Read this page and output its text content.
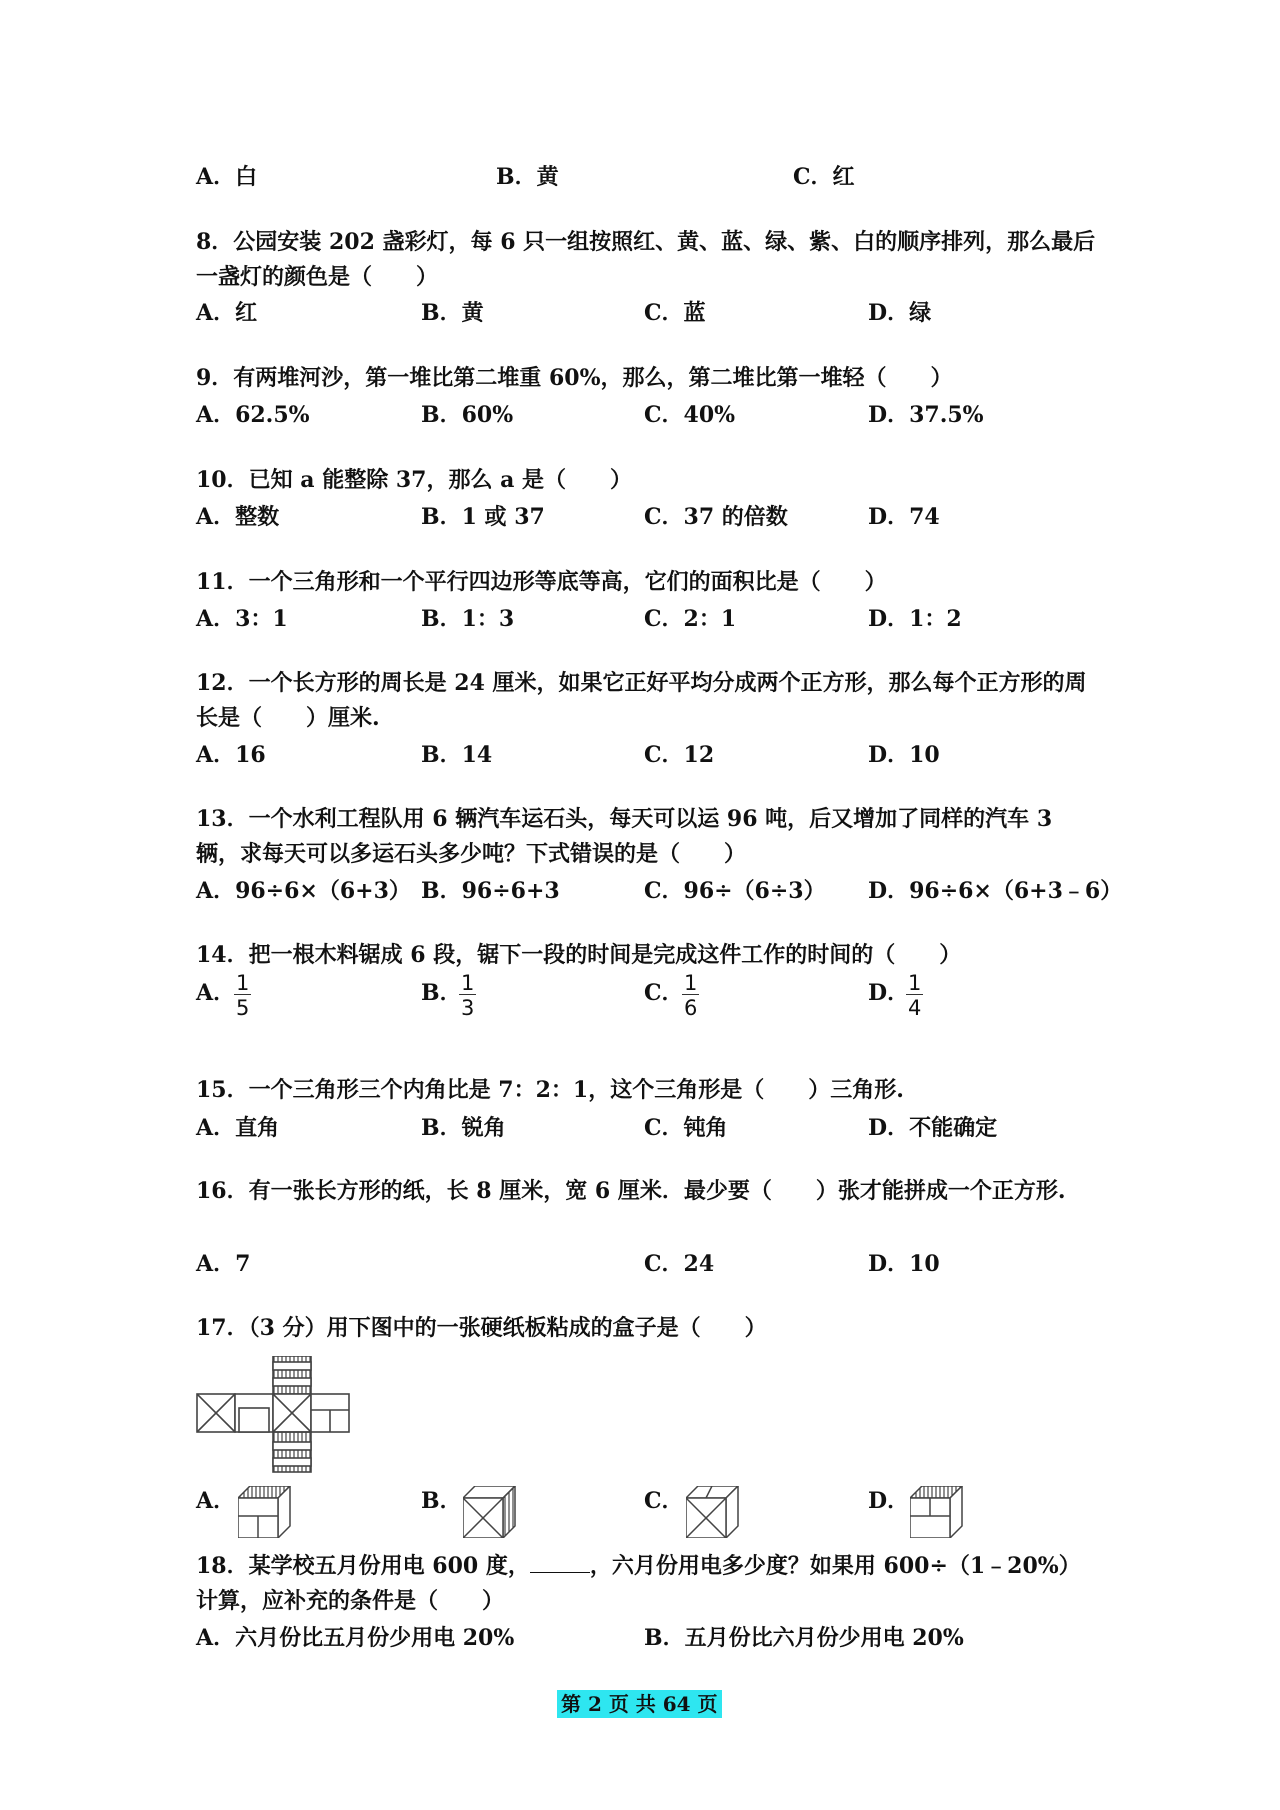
A．白	B．黄	C．红

8．公园安装 202 盏彩灯，每 6 只一组按照红、黄、蓝、绿、紫、白的顺序排列，那么最后一盏灯的颜色是（　　）

A．红	B．黄	C．蓝	D．绿

9．有两堆河沙，第一堆比第二堆重 60%，那么，第二堆比第一堆轻（　　）

A．62.5%	B．60%	C．40%	D．37.5%

10．已知 a 能整除 37，那么 a 是（　　）

A．整数	B．1 或 37	C．37 的倍数	D．74

11．一个三角形和一个平行四边形等底等高，它们的面积比是（　　）

A．3：1	B．1：3	C．2：1	D．1：2

12．一个长方形的周长是 24 厘米，如果它正好平均分成两个正方形，那么每个正方形的周长是（　　）厘米.

A．16	B．14	C．12	D．10

13．一个水利工程队用 6 辆汽车运石头，每天可以运 96 吨，后又增加了同样的汽车 3 辆，求每天可以多运石头多少吨？下式错误的是（　　）

A．96÷6×（6+3） B．96÷6+3	C．96÷（6÷3） D．96÷6×（6+3﹣6）

14．把一根木料锯成 6 段，锯下一段的时间是完成这件工作的时间的（　　）

A．
$\frac{1}{5}$	B．
$\frac{1}{3}$	C．
$\frac{1}{6}$	D．
$\frac{1}{4}$

15．一个三角形三个内角比是 7：2：1，这个三角形是（　　）三角形.

A．直角	B．锐角	C．钝角	D．不能确定

16．有一张长方形的纸，长 8 厘米，宽 6 厘米．最少要（　　）张才能拼成一个正方形.

A．7	C．24	D．10

17．（3 分）用下图中的一张硬纸板粘成的盒子是（　　）

A．	B．	C．	D．

18．某学校五月份用电 600 度，	，六月份用电多少度？如果用 600÷（1﹣20%）计算，应补充的条件是（　　）

A．六月份比五月份少用电 20%	B．五月份比六月份少用电 20%
第 2 页 共 64 页
